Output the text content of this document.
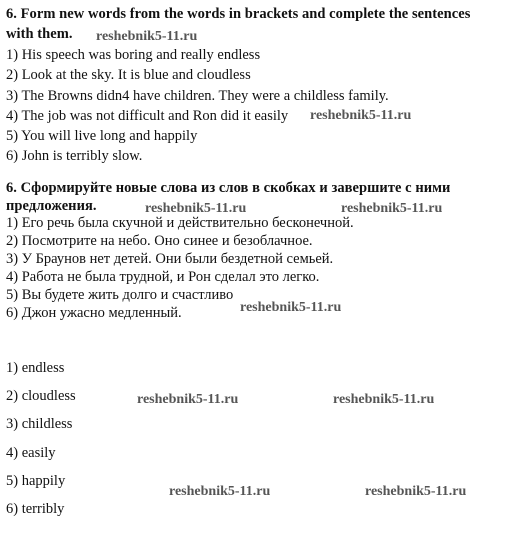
6. Form new words from the words in brackets and complete the sentences
with them.
1) His speech was boring and really endless
2) Look at the sky. It is blue and cloudless
3) The Browns didn4 have children. They were a childless family.
4) The job was not difficult and Ron did it easily
5) You will live long and happily
6) John is terribly slow.
6. Сформируйте новые слова из слов в скобках и завершите с ними
предложения.
1) Его речь была скучной и действительно бесконечной.
2) Посмотрите на небо. Оно синее и безоблачное.
3) У Браунов нет детей. Они были бездетной семьей.
4) Работа не была трудной, и Рон сделал это легко.
5) Вы будете жить долго и счастливо
6) Джон ужасно медленный.
1) endless
2) cloudless
3) childless
4) easily
5) happily
6) terribly
reshebnik5-11.ru
reshebnik5-11.ru
reshebnik5-11.ru	reshebnik5-11.ru
reshebnik5-11.ru
reshebnik5-11.ru	reshebnik5-11.ru
reshebnik5-11.ru	reshebnik5-11.ru
